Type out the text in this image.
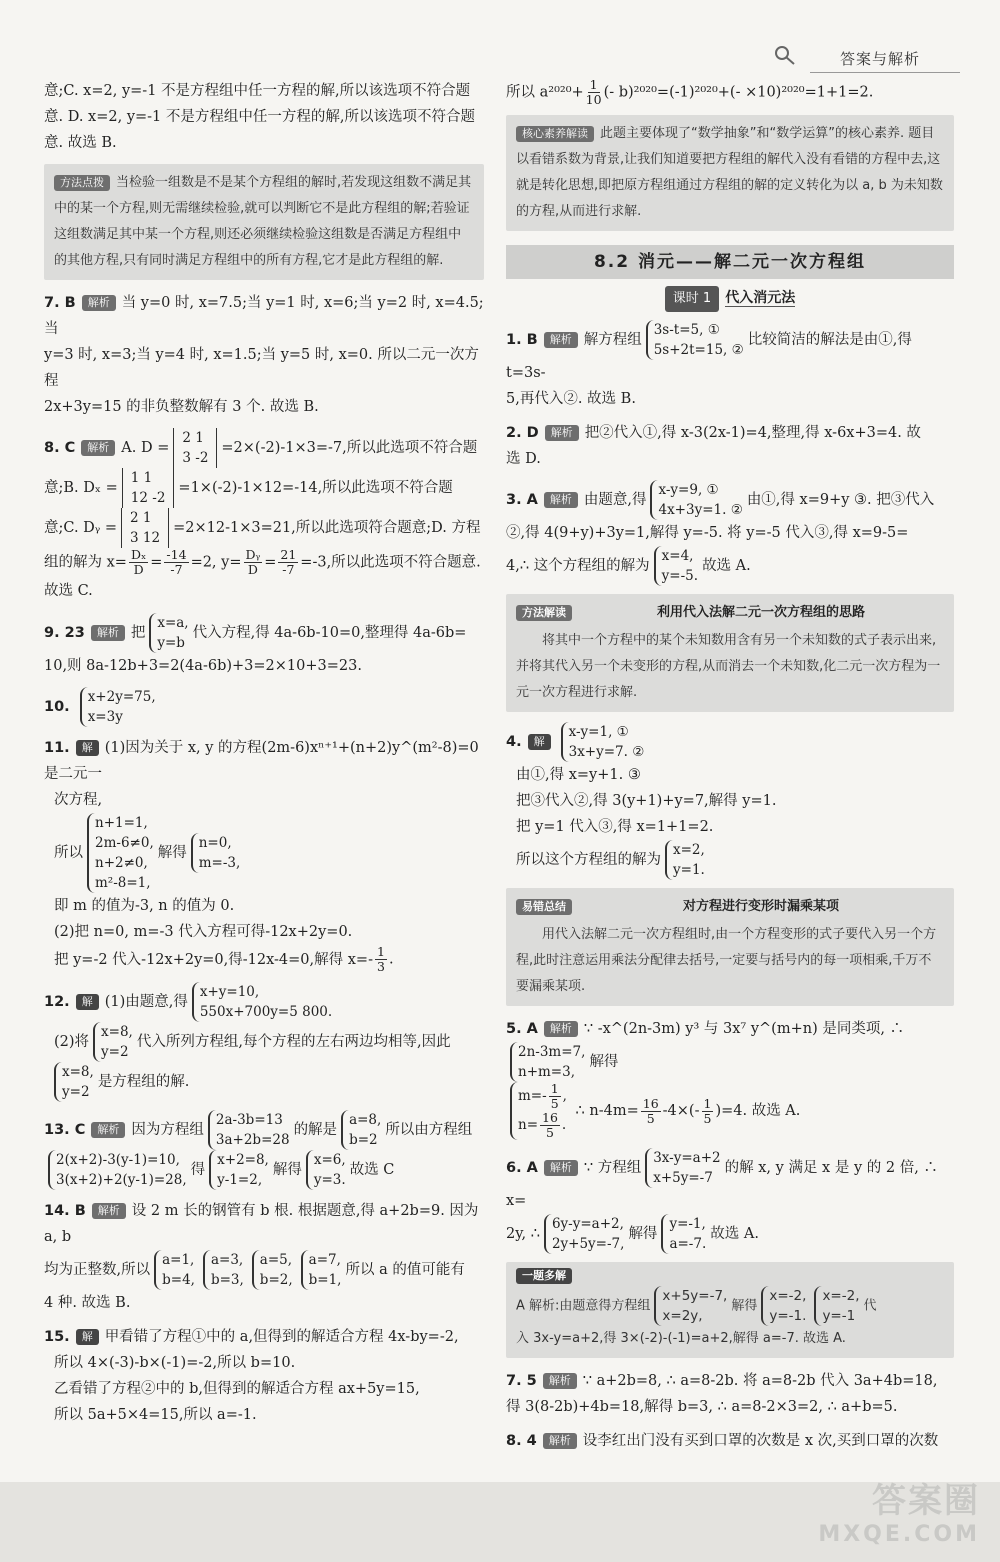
答案与解析
意;C. x=2, y=-1 不是方程组中任一方程的解,所以该选项不符合题
意. D. x=2, y=-1 不是方程组中任一方程的解,所以该选项不符合题
意. 故选 B.
方法点拨 当检验一组数是不是某个方程组的解时,若发现这组数不满足其中的某一个方程,则无需继续检验,就可以判断它不是此方程组的解;若验证这组数满足其中某一个方程,则还必须继续检验这组数是否满足方程组中的其他方程,只有同时满足方程组中的所有方程,它才是此方程组的解.
7. B 解析 当 y=0 时, x=7.5;当 y=1 时, x=6;当 y=2 时, x=4.5;当
y=3 时, x=3;当 y=4 时, x=1.5;当 y=5 时, x=0. 所以二元一次方程
2x+3y=15 的非负整数解有 3 个. 故选 B.
8. C 解析 A. D =2 1
3 -2=2×(-2)-1×3=-7,所以此选项不符合题
意;B. Dₓ =1 1
12 -2=1×(-2)-1×12=-14,所以此选项不符合题
意;C. Dᵧ =2 1
3 12=2×12-1×3=21,所以此选项符合题意;D. 方程
组的解为 $x= \frac{\text{Dₓ}}{D} = \frac{-14}{-7} =2$, $y= \frac{\text{Dᵧ}}{D} = \frac{21}{-7} =-3$,所以此选项不符合题意.
故选 C.
9. 23 解析 把x=a,
y=b代入方程,得 4a-6b-10=0,整理得 4a-6b=
10,则 8a-12b+3=2(4a-6b)+3=2×10+3=23.
10.x+2y=75,
x=3y
11. 解 (1)因为关于 x, y 的方程(2m-6)xⁿ⁺¹+(n+2)y^(m²-8)=0 是二元一
次方程,
所以n+1=1,
2m-6≠0,
n+2≠0,
m²-8=1,解得n=0,
m=-3,
即 m 的值为-3, n 的值为 0.
(2)把 n=0, m=-3 代入方程可得-12x+2y=0.
把 y=-2 代入-12x+2y=0,得-12x-4=0,解得 $x=- \frac{1}{3}$ .
12. 解 (1)由题意,得x+y=10,
550x+700y=5 800.
(2)将x=8,
y=2代入所列方程组,每个方程的左右两边均相等,因此
x=8,
y=2是方程组的解.
13. C 解析 因为方程组2a-3b=13
3a+2b=28的解是a=8,
b=2所以由方程组
2(x+2)-3(y-1)=10,
3(x+2)+2(y-1)=28,得x+2=8,
y-1=2,解得x=6,
y=3.故选 C
14. B 解析 设 2 m 长的钢管有 b 根. 根据题意,得 a+2b=9. 因为 a, b
均为正整数,所以a=1,
b=4,a=3,
b=3,a=5,
b=2,a=7,
b=1,所以 a 的值可能有
4 种. 故选 B.
15. 解 甲看错了方程①中的 a,但得到的解适合方程 4x-by=-2,
所以 4×(-3)-b×(-1)=-2,所以 b=10.
乙看错了方程②中的 b,但得到的解适合方程 ax+5y=15,
所以 5a+5×4=15,所以 a=-1.
所以 $a^{2020}+ \frac{1}{10}$ (- b)²⁰²⁰=(-1)²⁰²⁰+(- ×10)²⁰²⁰=1+1=2.
核心素养解读 此题主要体现了“数学抽象”和“数学运算”的核心素养. 题目以看错系数为背景,让我们知道要把方程组的解代入没有看错的方程中去,这就是转化思想,即把原方程组通过方程组的解的定义转化为以 a, b 为未知数的方程,从而进行求解.
8.2 消元——解二元一次方程组
课时 1 代入消元法
1. B 解析 解方程组3s-t=5, ①
5s+2t=15, ②比较简洁的解法是由①,得 t=3s-
5,再代入②. 故选 B.
2. D 解析 把②代入①,得 x-3(2x-1)=4,整理,得 x-6x+3=4. 故
选 D.
3. A 解析 由题意,得x-y=9, ①
4x+3y=1. ②由①,得 x=9+y ③. 把③代入
②,得 4(9+y)+3y=1,解得 y=-5. 将 y=-5 代入③,得 x=9-5=
4,∴ 这个方程组的解为x=4,
y=-5.故选 A.
方法解读	利用代入法解二元一次方程组的思路
将其中一个方程中的某个未知数用含有另一个未知数的式子表示出来,并将其代入另一个未变形的方程,从而消去一个未知数,化二元一次方程为一元一次方程进行求解.
4. 解x-y=1, ①
3x+y=7. ②
由①,得 x=y+1. ③
把③代入②,得 3(y+1)+y=7,解得 y=1.
把 y=1 代入③,得 x=1+1=2.
所以这个方程组的解为x=2,
y=1.
易错总结	对方程进行变形时漏乘某项
用代入法解二元一次方程组时,由一个方程变形的式子要代入另一个方程,此时注意运用乘法分配律去括号,一定要与括号内的每一项相乘,千万不要漏乘某项.
5. A 解析 ∵ -x^(2n-3m) y³ 与 3x⁷ y^(m+n) 是同类项, ∴2n-3m=7,
n+m=3,解得
$m=- \frac{1}{5}$ ,
$n= \frac{16}{5}$ . ∴ $n-4m= \frac{16}{5} -4\times(- \frac{1}{5} )=4$. 故选 A.
6. A 解析 ∵ 方程组3x-y=a+2
x+5y=-7的解 x, y 满足 x 是 y 的 2 倍, ∴ x=
2y, ∴6y-y=a+2,
2y+5y=-7,解得y=-1,
a=-7.故选 A.
一题多解
A 解析:由题意得方程组x+5y=-7,
x=2y,解得x=-2,
y=-1.x=-2,
y=-1代
入 3x-y=a+2,得 3×(-2)-(-1)=a+2,解得 a=-7. 故选 A.
7. 5 解析 ∵ a+2b=8, ∴ a=8-2b. 将 a=8-2b 代入 3a+4b=18,
得 3(8-2b)+4b=18,解得 b=3, ∴ a=8-2×3=2, ∴ a+b=5.
8. 4 解析 设李红出门没有买到口罩的次数是 x 次,买到口罩的次数
答案圈
MXQE.COM
